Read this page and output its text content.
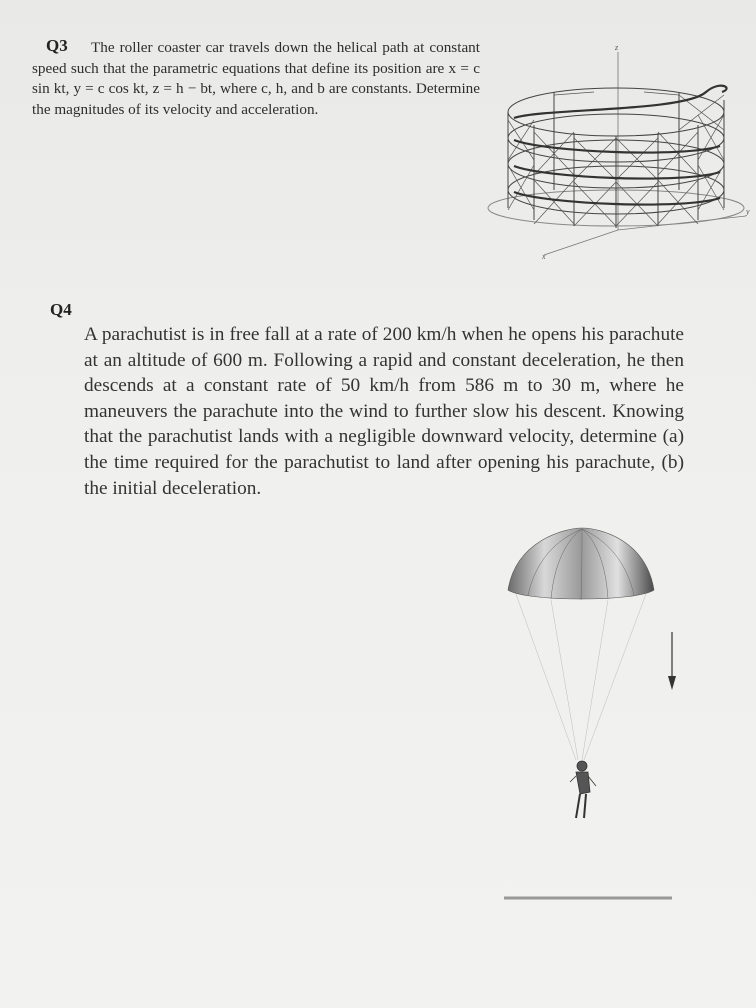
Q3	The roller coaster car travels down the helical path at constant speed such that the parametric equations that define its position are x = c sin kt, y = c cos kt, z = h − bt, where c, h, and b are constants. Determine the magnitudes of its velocity and acceleration.
z
y
x
Q4
A parachutist is in free fall at a rate of 200 km/h when he opens his parachute at an altitude of 600 m. Following a rapid and constant deceleration, he then descends at a constant rate of 50 km/h from 586 m to 30 m, where he maneuvers the parachute into the wind to further slow his descent. Knowing that the parachutist lands with a negligible downward velocity, determine (a) the time required for the parachutist to land after opening his parachute, (b) the initial deceleration.
